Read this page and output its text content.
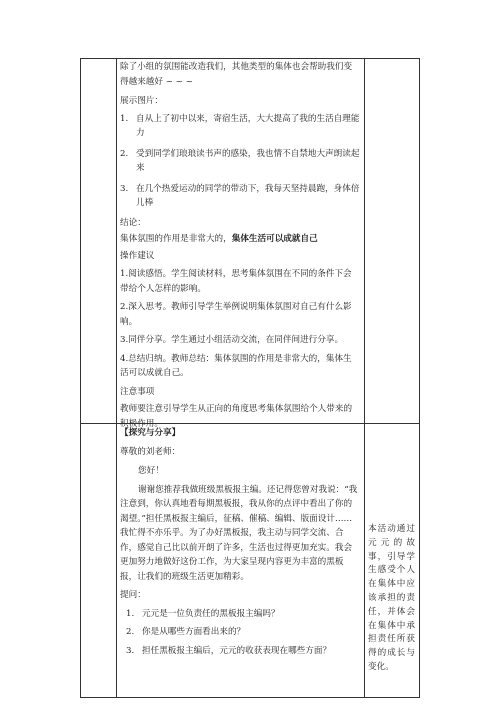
除了小组的氛围能改造我们，其他类型的集体也会帮助我们变得越来越好 ~ ~ ~

展示图片：

1. 自从上了初中以来，寄宿生活，大大提高了我的生活自理能力
2. 受到同学们琅琅读书声的感染，我也情不自禁地大声朗读起来
3. 在几个热爱运动的同学的带动下，我每天坚持晨跑，身体倍儿棒

结论：

集体氛围的作用是非常大的，集体生活可以成就自己

操作建议

1.阅读感悟。学生阅读材料，思考集体氛围在不同的条件下会带给个人怎样的影响。

2.深入思考。教师引导学生举例说明集体氛围对自己有什么影响。

3.同伴分享。学生通过小组活动交流，在同伴间进行分享。

4.总结归纳。教师总结：集体氛围的作用是非常大的，集体生活可以成就自己。

注意事项

教师要注意引导学生从正向的角度思考集体氛围给个人带来的积极作用。

【探究与分享】

尊敬的刘老师：

您好！

谢谢您推荐我做班级黑板报主编。还记得您曾对我说：“我注意到，你认真地看每期黑板报，我从你的点评中看出了你的渴望。”担任黑板报主编后，征稿、催稿、编辑、版面设计……我忙得不亦乐乎。为了办好黑板报，我主动与同学交流、合作，感觉自己比以前开朗了许多，生活也过得更加充实。我会更加努力地做好这份工作，为大家呈现内容更为丰富的黑板报，让我们的班级生活更加精彩。

提问：

1. 元元是一位负责任的黑板报主编吗？
2. 你是从哪些方面看出来的？
3. 担任黑板报主编后，元元的收获表现在哪些方面？

本活动通过元元的故事，引导学生感受个人在集体中应该承担的责任，并体会在集体中承担责任所获得的成长与变化。
